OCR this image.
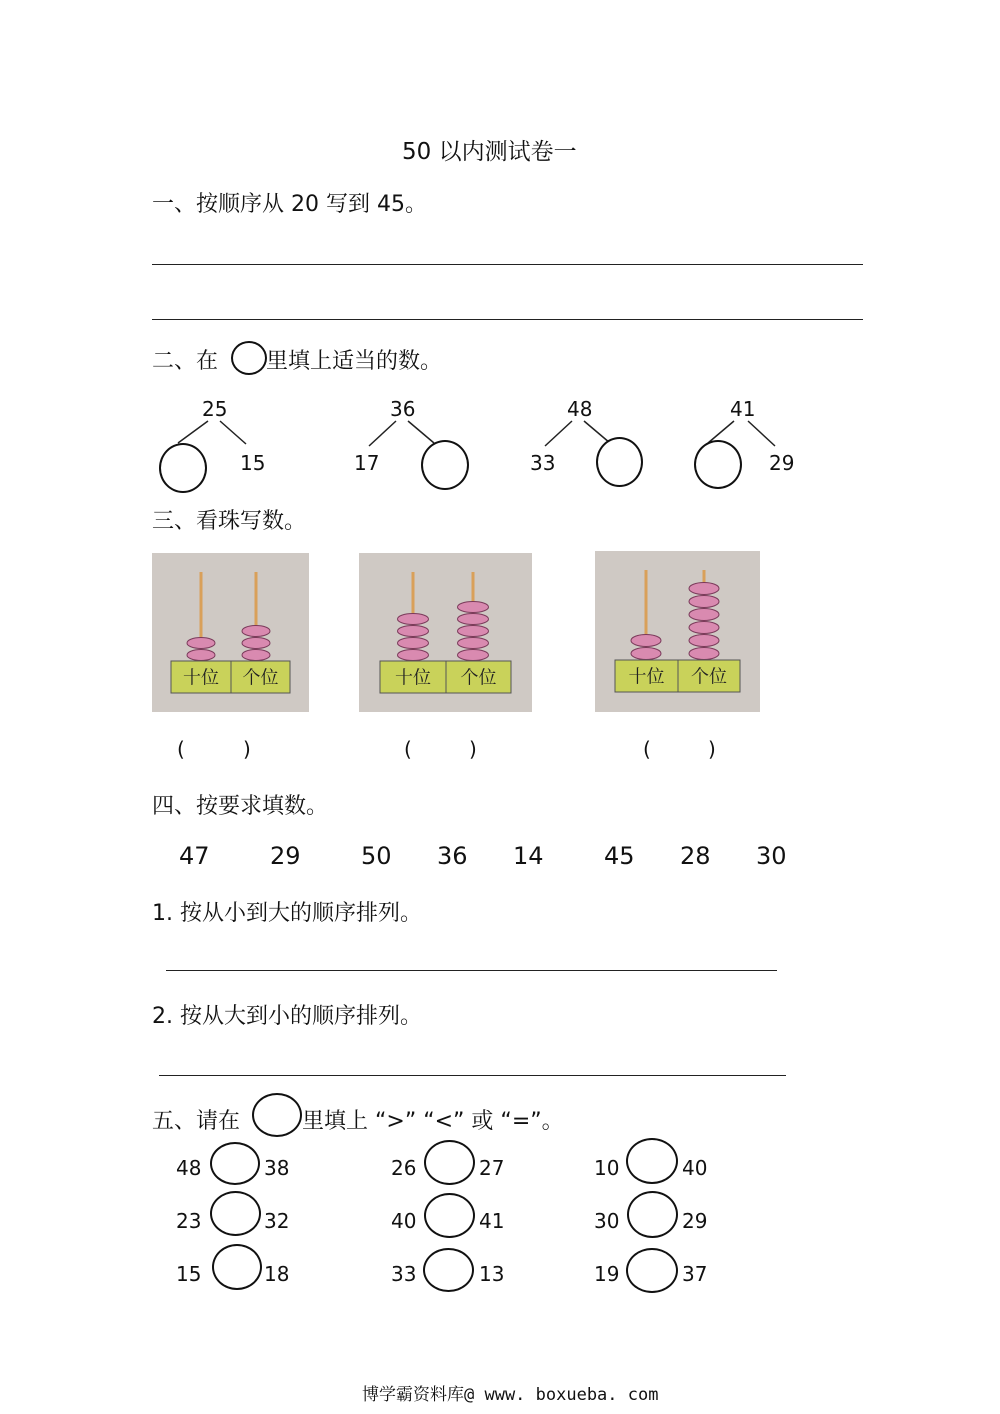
50 以内测试卷一
一、按顺序从 20 写到 45。
二、在 里填上适当的数。
25
15
36
17
48
33
41
29
三、看珠写数。
十位 个位	十位 个位	十位 个位
(	)	(	)	(	)
四、按要求填数。
47	29	50 36 14	45 28 30
1. 按从小到大的顺序排列。
2. 按从大到小的顺序排列。
五、请在	里填上 “>” “<” 或 “=”。
48	38	26	27	10	40
23	32	40	41	30	29
15	18	33	13	19	37
博学霸资料库@ www. boxueba. com
